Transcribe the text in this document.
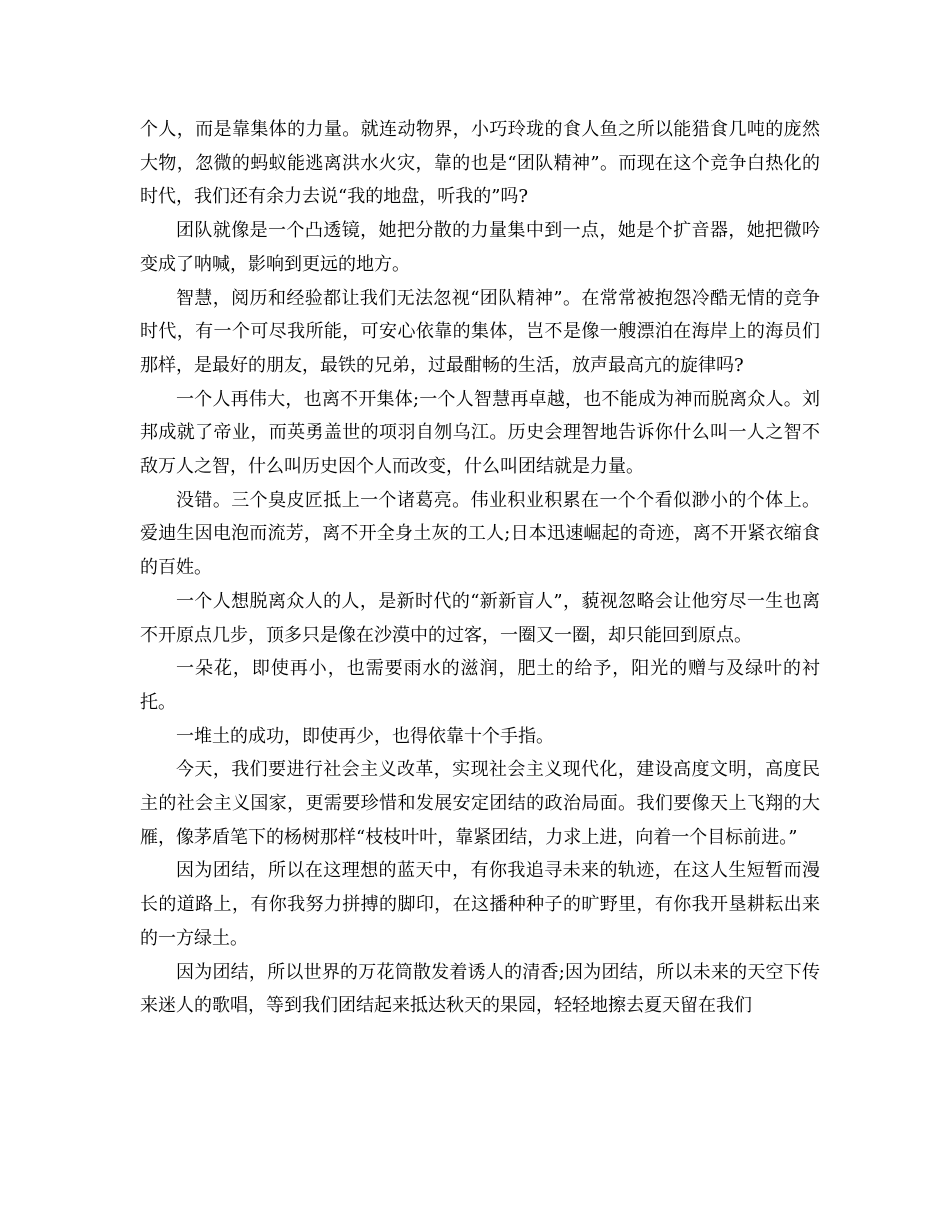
个人，而是靠集体的力量。就连动物界，小巧玲珑的食人鱼之所以能猎食几吨的庞然大物，忽微的蚂蚁能逃离洪水火灾，靠的也是“团队精神”。而现在这个竞争白热化的时代，我们还有余力去说“我的地盘，听我的”吗?

团队就像是一个凸透镜，她把分散的力量集中到一点，她是个扩音器，她把微吟变成了呐喊，影响到更远的地方。

智慧，阅历和经验都让我们无法忽视“团队精神”。在常常被抱怨冷酷无情的竞争时代，有一个可尽我所能，可安心依靠的集体，岂不是像一艘漂泊在海岸上的海员们那样，是最好的朋友，最铁的兄弟，过最酣畅的生活，放声最高亢的旋律吗?

一个人再伟大，也离不开集体;一个人智慧再卓越，也不能成为神而脱离众人。刘邦成就了帝业，而英勇盖世的项羽自刎乌江。历史会理智地告诉你什么叫一人之智不敌万人之智，什么叫历史因个人而改变，什么叫团结就是力量。

没错。三个臭皮匠抵上一个诸葛亮。伟业积业积累在一个个看似渺小的个体上。爱迪生因电泡而流芳，离不开全身土灰的工人;日本迅速崛起的奇迹，离不开紧衣缩食的百姓。

一个人想脱离众人的人，是新时代的“新新盲人”，藐视忽略会让他穷尽一生也离不开原点几步，顶多只是像在沙漠中的过客，一圈又一圈，却只能回到原点。

一朵花，即使再小，也需要雨水的滋润，肥土的给予，阳光的赠与及绿叶的衬托。

一堆土的成功，即使再少，也得依靠十个手指。

今天，我们要进行社会主义改革，实现社会主义现代化，建设高度文明，高度民主的社会主义国家，更需要珍惜和发展安定团结的政治局面。我们要像天上飞翔的大雁，像茅盾笔下的杨树那样“枝枝叶叶，靠紧团结，力求上进，向着一个目标前进。”

因为团结，所以在这理想的蓝天中，有你我追寻未来的轨迹，在这人生短暂而漫长的道路上，有你我努力拼搏的脚印，在这播种种子的旷野里，有你我开垦耕耘出来的一方绿土。

因为团结，所以世界的万花筒散发着诱人的清香;因为团结，所以未来的天空下传来迷人的歌唱，等到我们团结起来抵达秋天的果园，轻轻地擦去夏天留在我们
